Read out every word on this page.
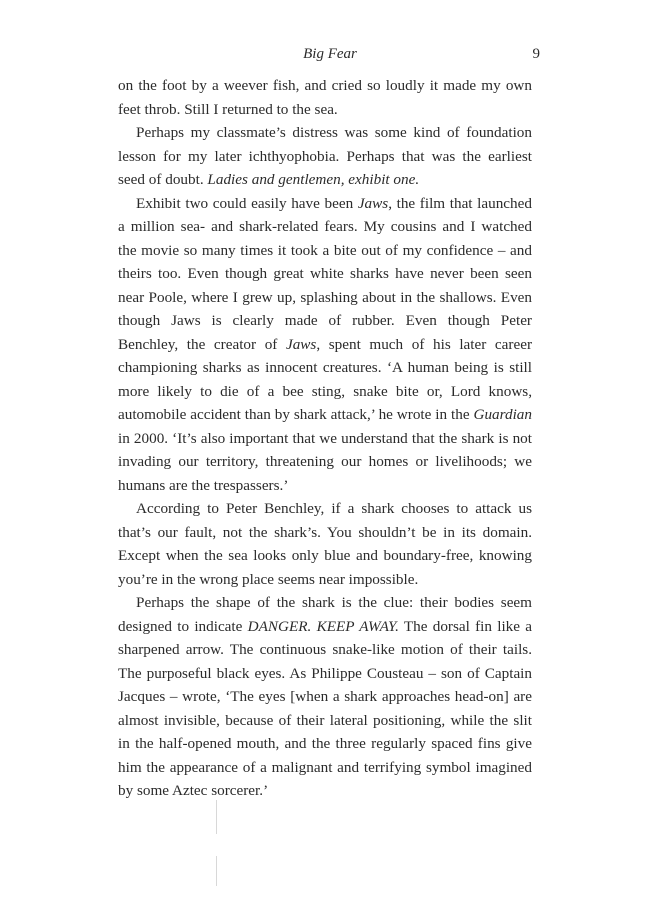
Big Fear	9

on the foot by a weever fish, and cried so loudly it made my own feet throb. Still I returned to the sea.

Perhaps my classmate’s distress was some kind of foundation lesson for my later ichthyophobia. Perhaps that was the earliest seed of doubt. Ladies and gentlemen, exhibit one.

Exhibit two could easily have been Jaws, the film that launched a million sea- and shark-related fears. My cousins and I watched the movie so many times it took a bite out of my confidence – and theirs too. Even though great white sharks have never been seen near Poole, where I grew up, splashing about in the shallows. Even though Jaws is clearly made of rubber. Even though Peter Benchley, the creator of Jaws, spent much of his later career championing sharks as innocent creatures. ‘A human being is still more likely to die of a bee sting, snake bite or, Lord knows, automobile accident than by shark attack,’ he wrote in the Guardian in 2000. ‘It’s also important that we understand that the shark is not invading our territory, threatening our homes or livelihoods; we humans are the trespassers.’

According to Peter Benchley, if a shark chooses to attack us that’s our fault, not the shark’s. You shouldn’t be in its domain. Except when the sea looks only blue and boundary-free, knowing you’re in the wrong place seems near impossible.

Perhaps the shape of the shark is the clue: their bodies seem designed to indicate DANGER. KEEP AWAY. The dorsal fin like a sharpened arrow. The continuous snake-like motion of their tails. The purposeful black eyes. As Philippe Cousteau – son of Captain Jacques – wrote, ‘The eyes [when a shark approaches head-on] are almost invisible, because of their lateral positioning, while the slit in the half-opened mouth, and the three regularly spaced fins give him the appearance of a malignant and terrifying symbol imagined by some Aztec sorcerer.’
